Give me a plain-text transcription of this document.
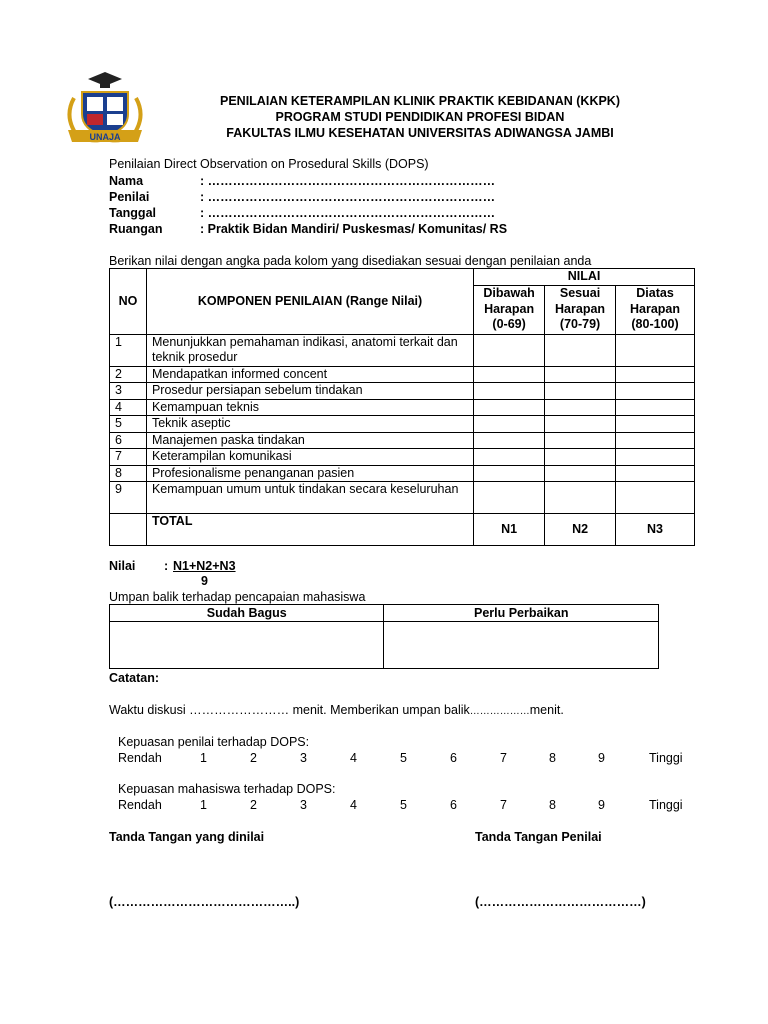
UNAJA
PENILAIAN KETERAMPILAN KLINIK PRAKTIK KEBIDANAN (KKPK)
PROGRAM STUDI PENDIDIKAN PROFESI BIDAN
FAKULTAS ILMU KESEHATAN UNIVERSITAS ADIWANGSA JAMBI
Penilaian Direct Observation on Prosedural Skills (DOPS)
Nama	: ……………………………………………………………
Penilai	: ……………………………………………………………
Tanggal	: ……………………………………………………………
Ruangan	: Praktik Bidan Mandiri/ Puskesmas/ Komunitas/ RS
Berikan nilai dengan angka pada kolom yang disediakan sesuai dengan penilaian anda
NO	KOMPONEN PENILAIAN (Range Nilai)	NILAI		
		Dibawah Harapan (0-69)	Sesuai Harapan (70-79)	Diatas Harapan (80-100)
1	Menunjukkan pemahaman indikasi, anatomi terkait dan teknik prosedur			
2	Mendapatkan informed concent			
3	Prosedur persiapan sebelum tindakan			
4	Kemampuan teknis			
5	Teknik aseptic			
6	Manajemen paska tindakan			
7	Keterampilan komunikasi			
8	Profesionalisme penanganan pasien			
9	Kemampuan umum untuk tindakan secara keseluruhan			
	TOTAL	N1	N2	N3
Nilai : N1+N2+N3
9
Umpan balik terhadap pencapaian mahasiswa
Sudah Bagus	Perlu Perbaikan

Catatan:
Waktu diskusi …………………… menit. Memberikan umpan balik………………menit.
Kepuasan penilai terhadap DOPS:
Rendah	1	2	3	4	5	6	7	8	9	Tinggi
Kepuasan mahasiswa terhadap DOPS:
Rendah	1	2	3	4	5	6	7	8	9	Tinggi
Tanda Tangan yang dinilai	Tanda Tangan Penilai
(……………………………………..)	(…………………………………)
